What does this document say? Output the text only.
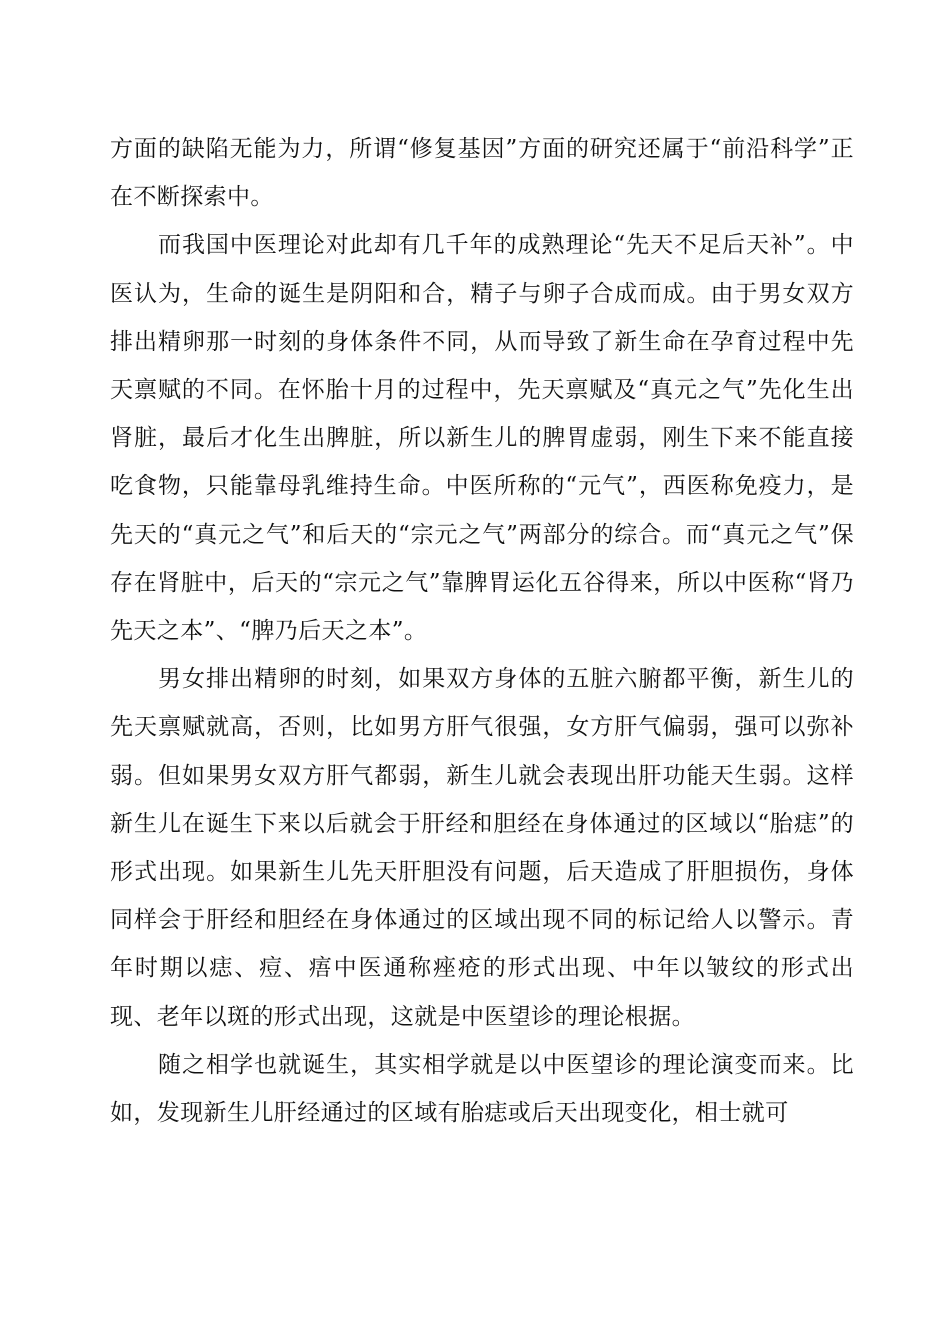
方面的缺陷无能为力，所谓“修复基因”方面的研究还属于“前沿科学”正在不断探索中。

而我国中医理论对此却有几千年的成熟理论“先天不足后天补”。中医认为，生命的诞生是阴阳和合，精子与卵子合成而成。由于男女双方排出精卵那一时刻的身体条件不同，从而导致了新生命在孕育过程中先天禀赋的不同。在怀胎十月的过程中，先天禀赋及“真元之气”先化生出肾脏，最后才化生出脾脏，所以新生儿的脾胃虚弱，刚生下来不能直接吃食物，只能靠母乳维持生命。中医所称的“元气”，西医称免疫力，是先天的“真元之气”和后天的“宗元之气”两部分的综合。而“真元之气”保存在肾脏中，后天的“宗元之气”靠脾胃运化五谷得来，所以中医称“肾乃先天之本”、“脾乃后天之本”。

男女排出精卵的时刻，如果双方身体的五脏六腑都平衡，新生儿的先天禀赋就高，否则，比如男方肝气很强，女方肝气偏弱，强可以弥补弱。但如果男女双方肝气都弱，新生儿就会表现出肝功能天生弱。这样新生儿在诞生下来以后就会于肝经和胆经在身体通过的区域以“胎痣”的形式出现。如果新生儿先天肝胆没有问题，后天造成了肝胆损伤，身体同样会于肝经和胆经在身体通过的区域出现不同的标记给人以警示。青年时期以痣、痘、痦中医通称痤疮的形式出现、中年以皱纹的形式出现、老年以斑的形式出现，这就是中医望诊的理论根据。

随之相学也就诞生，其实相学就是以中医望诊的理论演变而来。比如，发现新生儿肝经通过的区域有胎痣或后天出现变化，相士就可
